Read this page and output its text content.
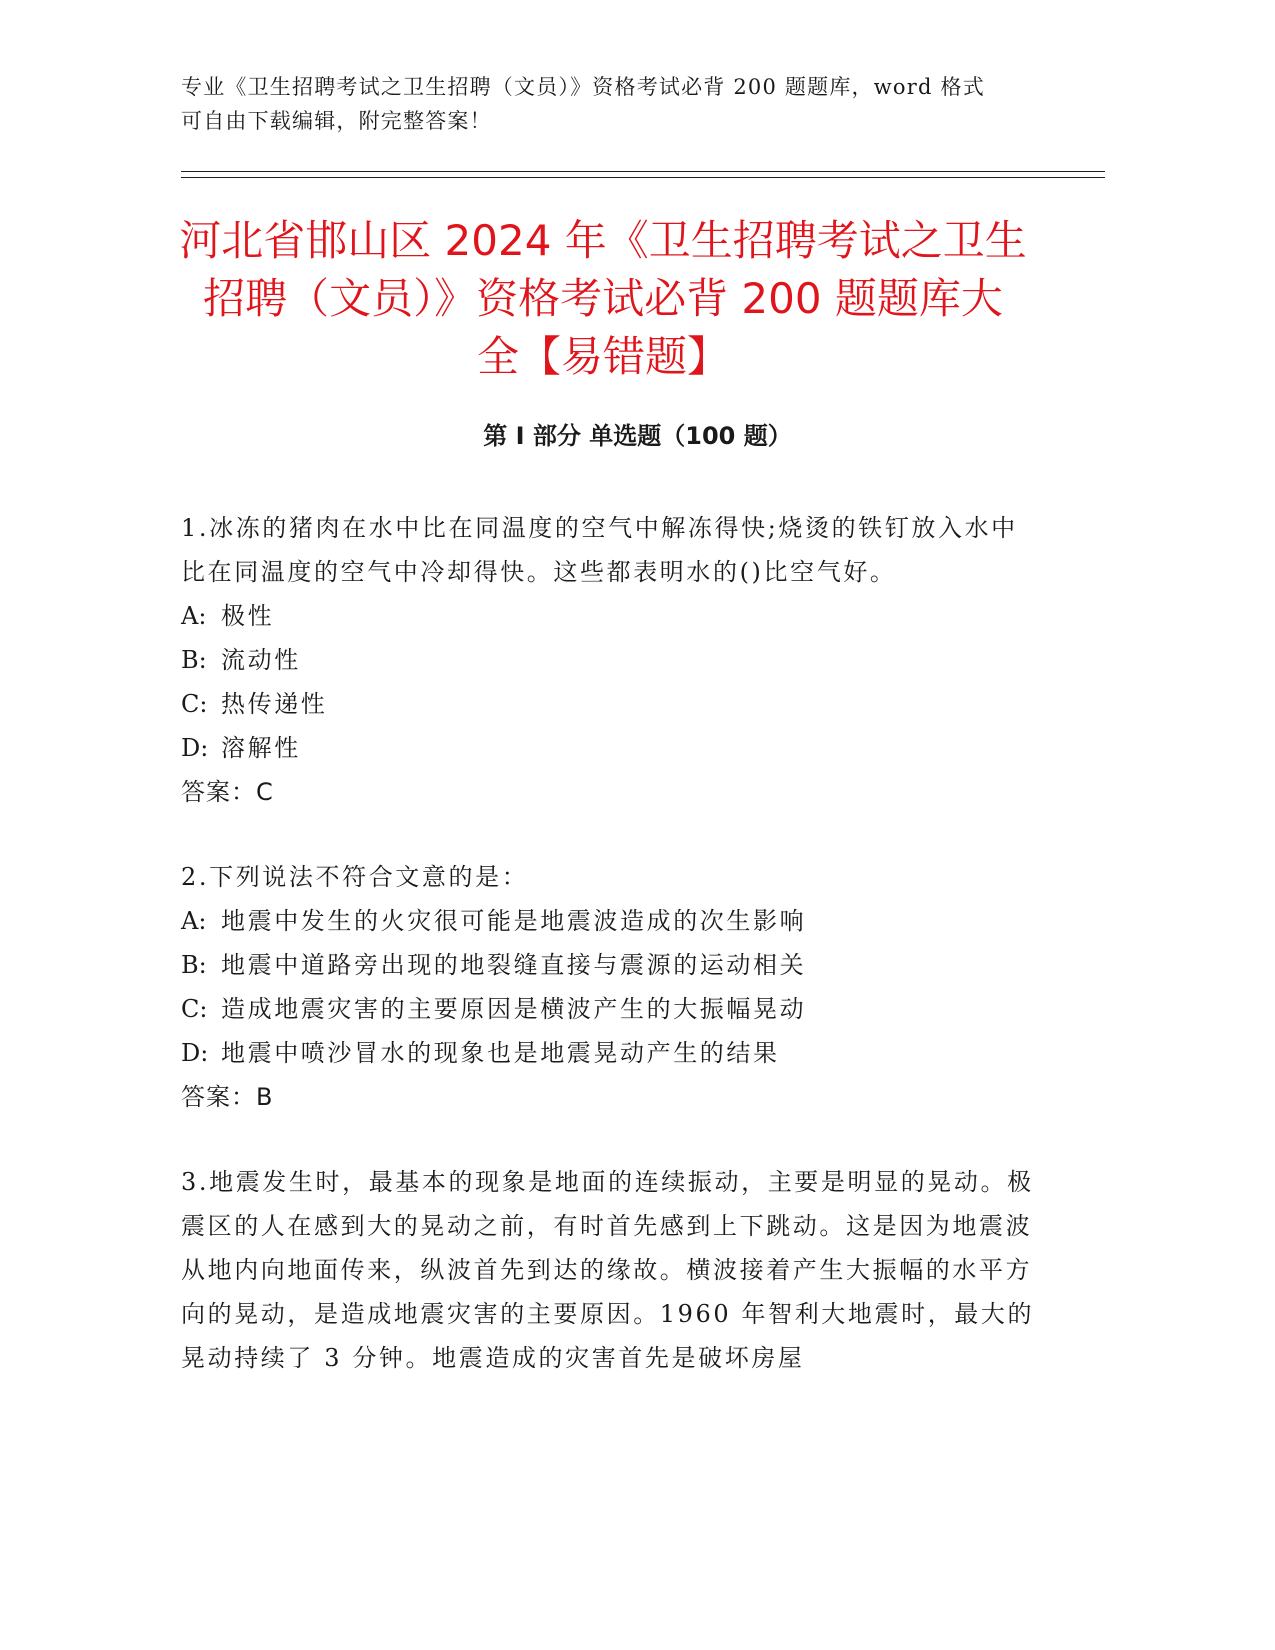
专业《卫生招聘考试之卫生招聘（文员）》资格考试必背 200 题题库，word 格式
可自由下载编辑，附完整答案！
河北省邯山区 2024 年《卫生招聘考试之卫生
招聘（文员）》资格考试必背 200 题题库大
全【易错题】
第 I 部分 单选题（100 题）
1.冰冻的猪肉在水中比在同温度的空气中解冻得快;烧烫的铁钉放入水中比在同温度的空气中冷却得快。这些都表明水的()比空气好。
A: 极性
B: 流动性
C: 热传递性
D: 溶解性
答案：C
2.下列说法不符合文意的是：
A: 地震中发生的火灾很可能是地震波造成的次生影响
B: 地震中道路旁出现的地裂缝直接与震源的运动相关
C: 造成地震灾害的主要原因是横波产生的大振幅晃动
D: 地震中喷沙冒水的现象也是地震晃动产生的结果
答案：B
3.地震发生时，最基本的现象是地面的连续振动，主要是明显的晃动。极震区的人在感到大的晃动之前，有时首先感到上下跳动。这是因为地震波从地内向地面传来，纵波首先到达的缘故。横波接着产生大振幅的水平方向的晃动，是造成地震灾害的主要原因。1960 年智利大地震时，最大的晃动持续了 3 分钟。地震造成的灾害首先是破坏房屋
